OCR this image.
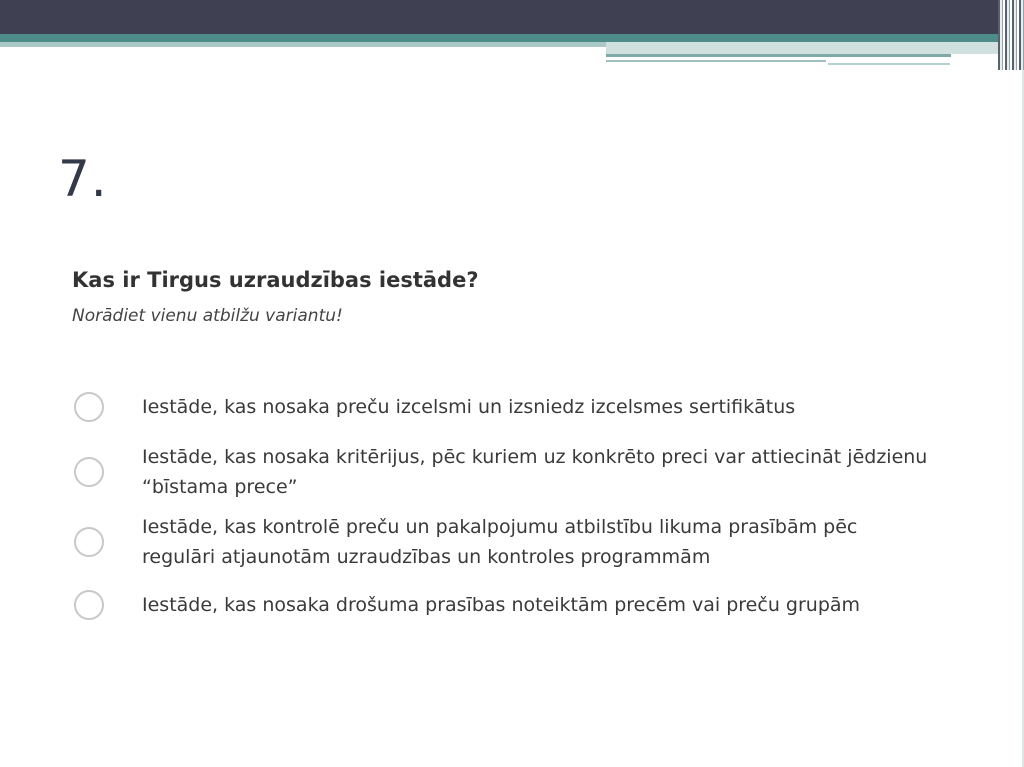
7.
Kas ir Tirgus uzraudzības iestāde?

Norādiet vienu atbilžu variantu!

Iestāde, kas nosaka preču izcelsmi un izsniedz izcelsmes sertifikātus
Iestāde, kas nosaka kritērijus, pēc kuriem uz konkrēto preci var attiecināt jēdzienu “bīstama prece”
Iestāde, kas kontrolē preču un pakalpojumu atbilstību likuma prasībām pēc regulāri atjaunotām uzraudzības un kontroles programmām
Iestāde, kas nosaka drošuma prasības noteiktām precēm vai preču grupām
